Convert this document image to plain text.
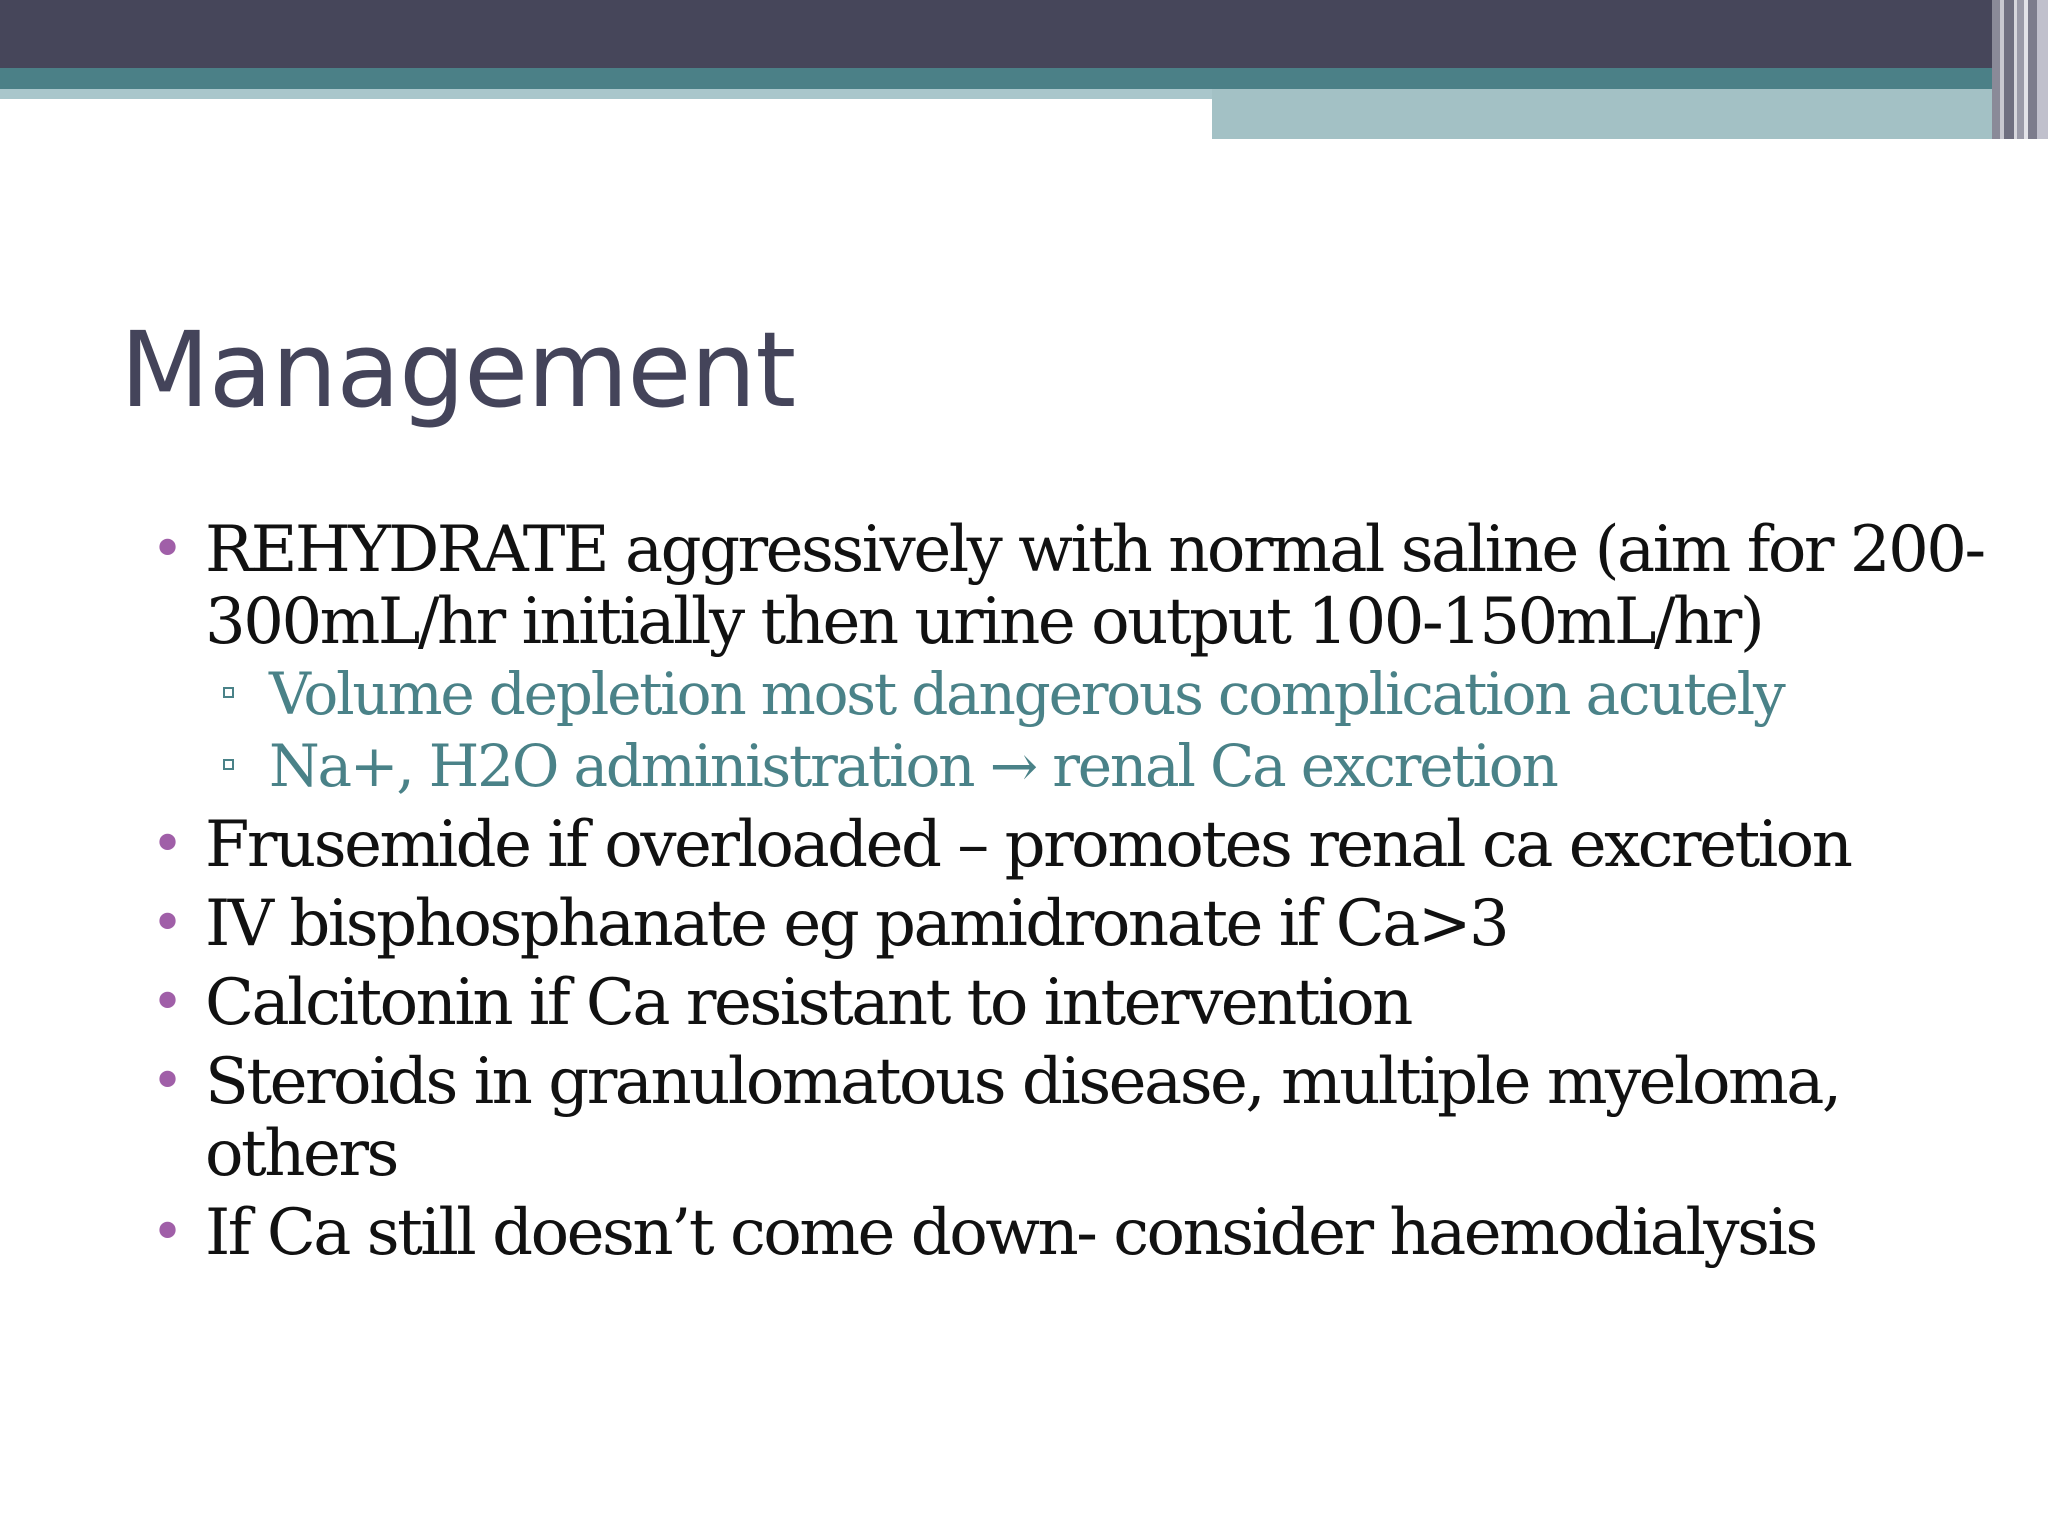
Management
• REHYDRATE aggressively with normal saline (aim for 200-300mL/hr initially then urine output 100-150mL/hr)
Volume depletion most dangerous complication acutely
Na+, H2O administration → renal Ca excretion
• Frusemide if overloaded – promotes renal ca excretion
• IV bisphosphanate eg pamidronate if Ca>3
• Calcitonin if Ca resistant to intervention
• Steroids in granulomatous disease, multiple myeloma, others
• If Ca still doesn’t come down- consider haemodialysis
